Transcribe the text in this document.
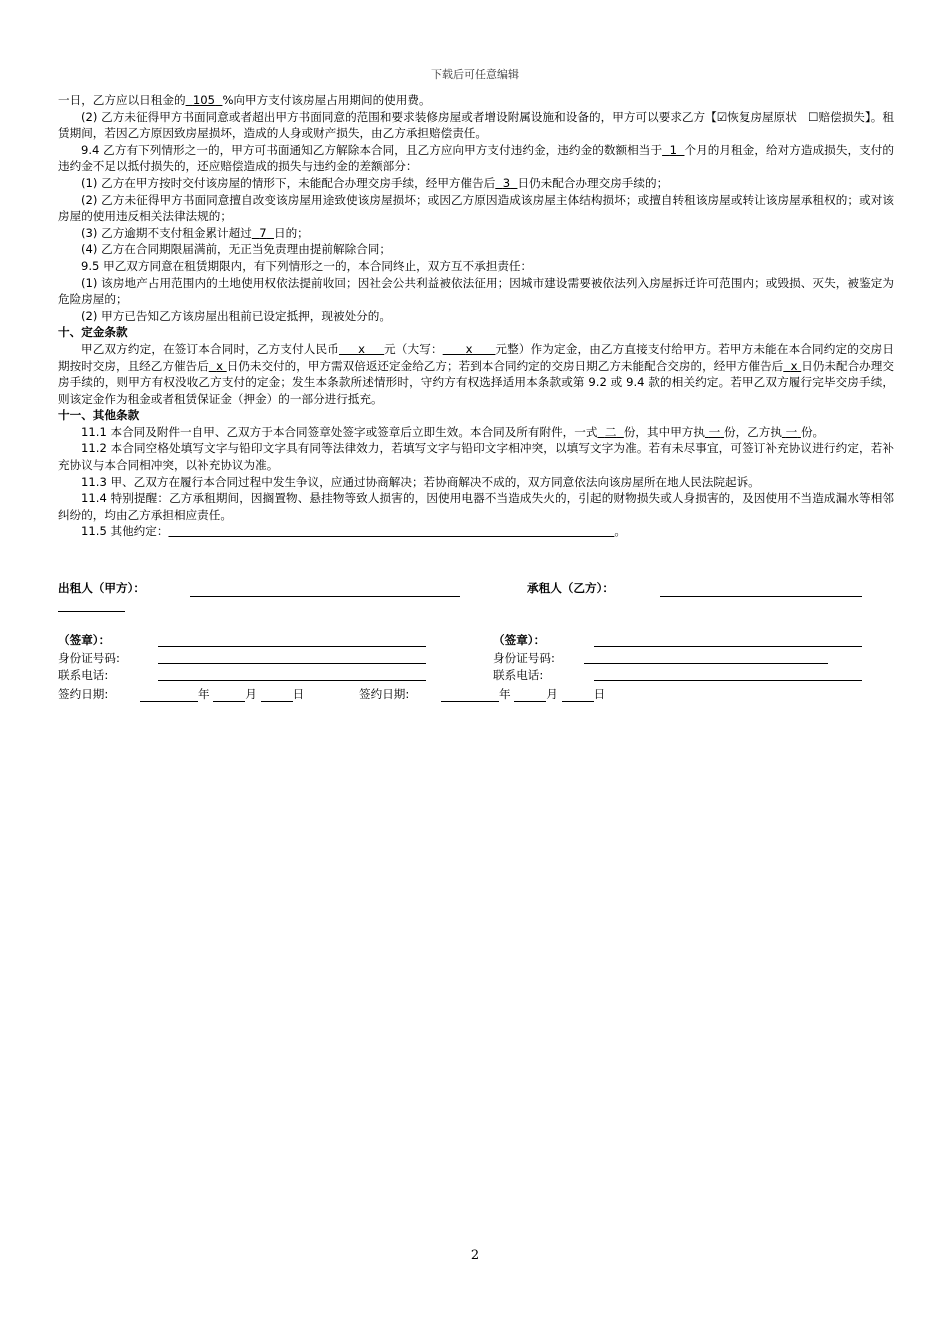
下载后可任意编辑

一日，乙方应以日租金的 105 %向甲方支付该房屋占用期间的使用费。

(2) 乙方未征得甲方书面同意或者超出甲方书面同意的范围和要求装修房屋或者增设附属设施和设备的，甲方可以要求乙方【☑恢复房屋原状 ☐赔偿损失】。租赁期间，若因乙方原因致房屋损坏，造成的人身或财产损失，由乙方承担赔偿责任。

9.4 乙方有下列情形之一的，甲方可书面通知乙方解除本合同，且乙方应向甲方支付违约金，违约金的数额相当于 1 个月的月租金，给对方造成损失，支付的违约金不足以抵付损失的，还应赔偿造成的损失与违约金的差额部分：

(1) 乙方在甲方按时交付该房屋的情形下，未能配合办理交房手续，经甲方催告后 3 日仍未配合办理交房手续的；

(2) 乙方未征得甲方书面同意擅自改变该房屋用途致使该房屋损坏；或因乙方原因造成该房屋主体结构损坏；或擅自转租该房屋或转让该房屋承租权的；或对该房屋的使用违反相关法律法规的；

(3) 乙方逾期不支付租金累计超过 7 日的；

(4) 乙方在合同期限届满前，无正当免责理由提前解除合同；

9.5 甲乙双方同意在租赁期限内，有下列情形之一的，本合同终止，双方互不承担责任：

(1) 该房地产占用范围内的土地使用权依法提前收回；因社会公共利益被依法征用；因城市建设需要被依法列入房屋拆迁许可范围内；或毁损、灭失，被鉴定为危险房屋的；

(2) 甲方已告知乙方该房屋出租前已设定抵押，现被处分的。

十、定金条款

甲乙双方约定，在签订本合同时，乙方支付人民币 x 元（大写： x 元整）作为定金，由乙方直接支付给甲方。若甲方未能在本合同约定的交房日期按时交房，且经乙方催告后 x 日仍未交付的，甲方需双倍返还定金给乙方；若到本合同约定的交房日期乙方未能配合交房的，经甲方催告后 x 日仍未配合办理交房手续的，则甲方有权没收乙方支付的定金；发生本条款所述情形时，守约方有权选择适用本条款或第 9.2 或 9.4 款的相关约定。若甲乙双方履行完毕交房手续，则该定金作为租金或者租赁保证金（押金）的一部分进行抵充。

十一、其他条款

11.1 本合同及附件一自甲、乙双方于本合同签章处签字或签章后立即生效。本合同及所有附件，一式 二 份，其中甲方执 一 份，乙方执 一 份。

11.2 本合同空格处填写文字与铅印文字具有同等法律效力，若填写文字与铅印文字相冲突，以填写文字为准。若有未尽事宜，可签订补充协议进行约定，若补充协议与本合同相冲突，以补充协议为准。

11.3 甲、乙双方在履行本合同过程中发生争议，应通过协商解决；若协商解决不成的，双方同意依法向该房屋所在地人民法院起诉。

11.4 特别提醒：乙方承租期间，因搁置物、悬挂物等致人损害的，因使用电器不当造成失火的，引起的财物损失或人身损害的，及因使用不当造成漏水等相邻纠纷的，均由乙方承担相应责任。

11.5 其他约定：	。

出租人（甲方）：	承租人（乙方）：
（签章）：	（签章）：
身份证号码:	身份证号码:
联系电话:	联系电话:
签约日期:	年	月	日	签约日期:	年	月	日
2
